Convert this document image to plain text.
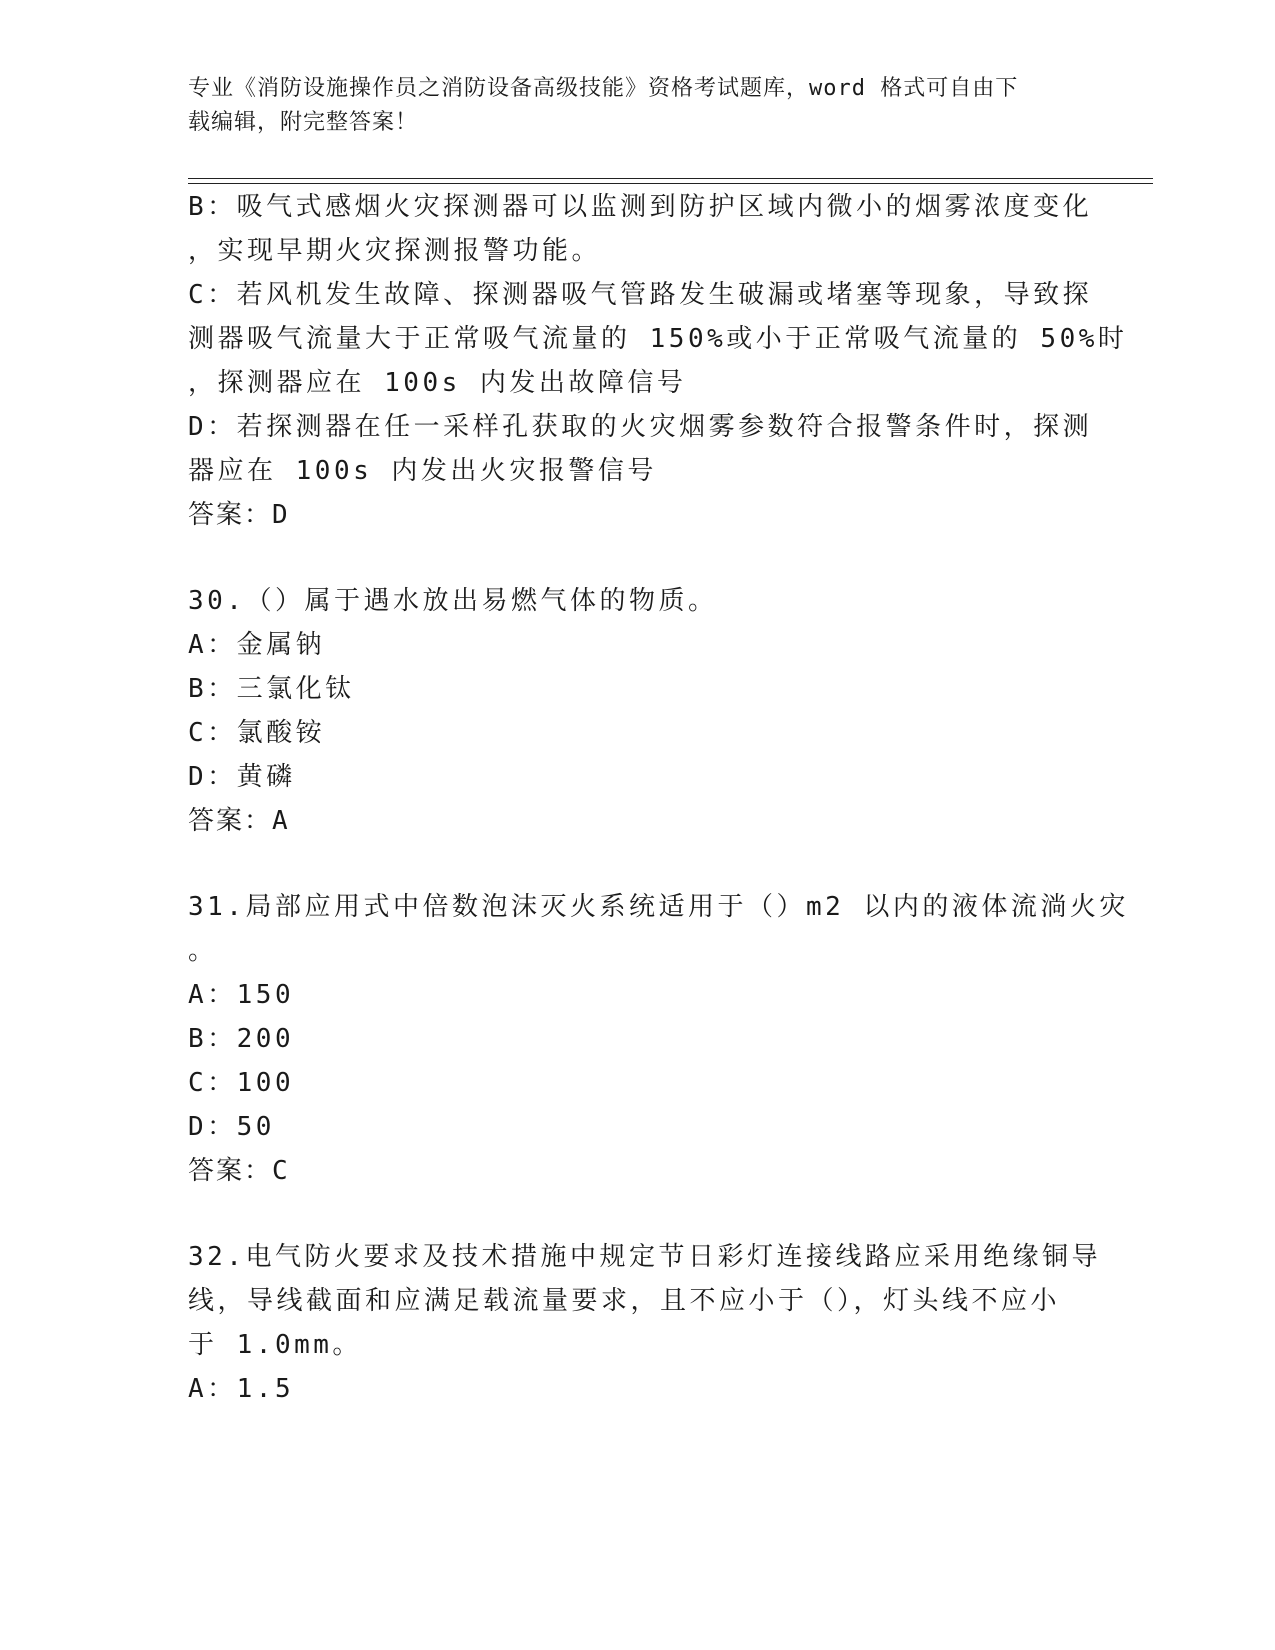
专业《消防设施操作员之消防设备高级技能》资格考试题库，word 格式可自由下
载编辑，附完整答案！
B：吸气式感烟火灾探测器可以监测到防护区域内微小的烟雾浓度变化
，实现早期火灾探测报警功能。
C：若风机发生故障、探测器吸气管路发生破漏或堵塞等现象，导致探
测器吸气流量大于正常吸气流量的 150%或小于正常吸气流量的 50%时
，探测器应在 100s 内发出故障信号
D：若探测器在任一采样孔获取的火灾烟雾参数符合报警条件时，探测
器应在 100s 内发出火灾报警信号
答案：D
30.（）属于遇水放出易燃气体的物质。
A：金属钠
B：三氯化钛
C：氯酸铵
D：黄磷
答案：A
31.局部应用式中倍数泡沫灭火系统适用于（）m2 以内的液体流淌火灾
。
A：150
B：200
C：100
D：50
答案：C
32.电气防火要求及技术措施中规定节日彩灯连接线路应采用绝缘铜导
线，导线截面和应满足载流量要求，且不应小于（），灯头线不应小
于 1.0mm。
A：1.5
